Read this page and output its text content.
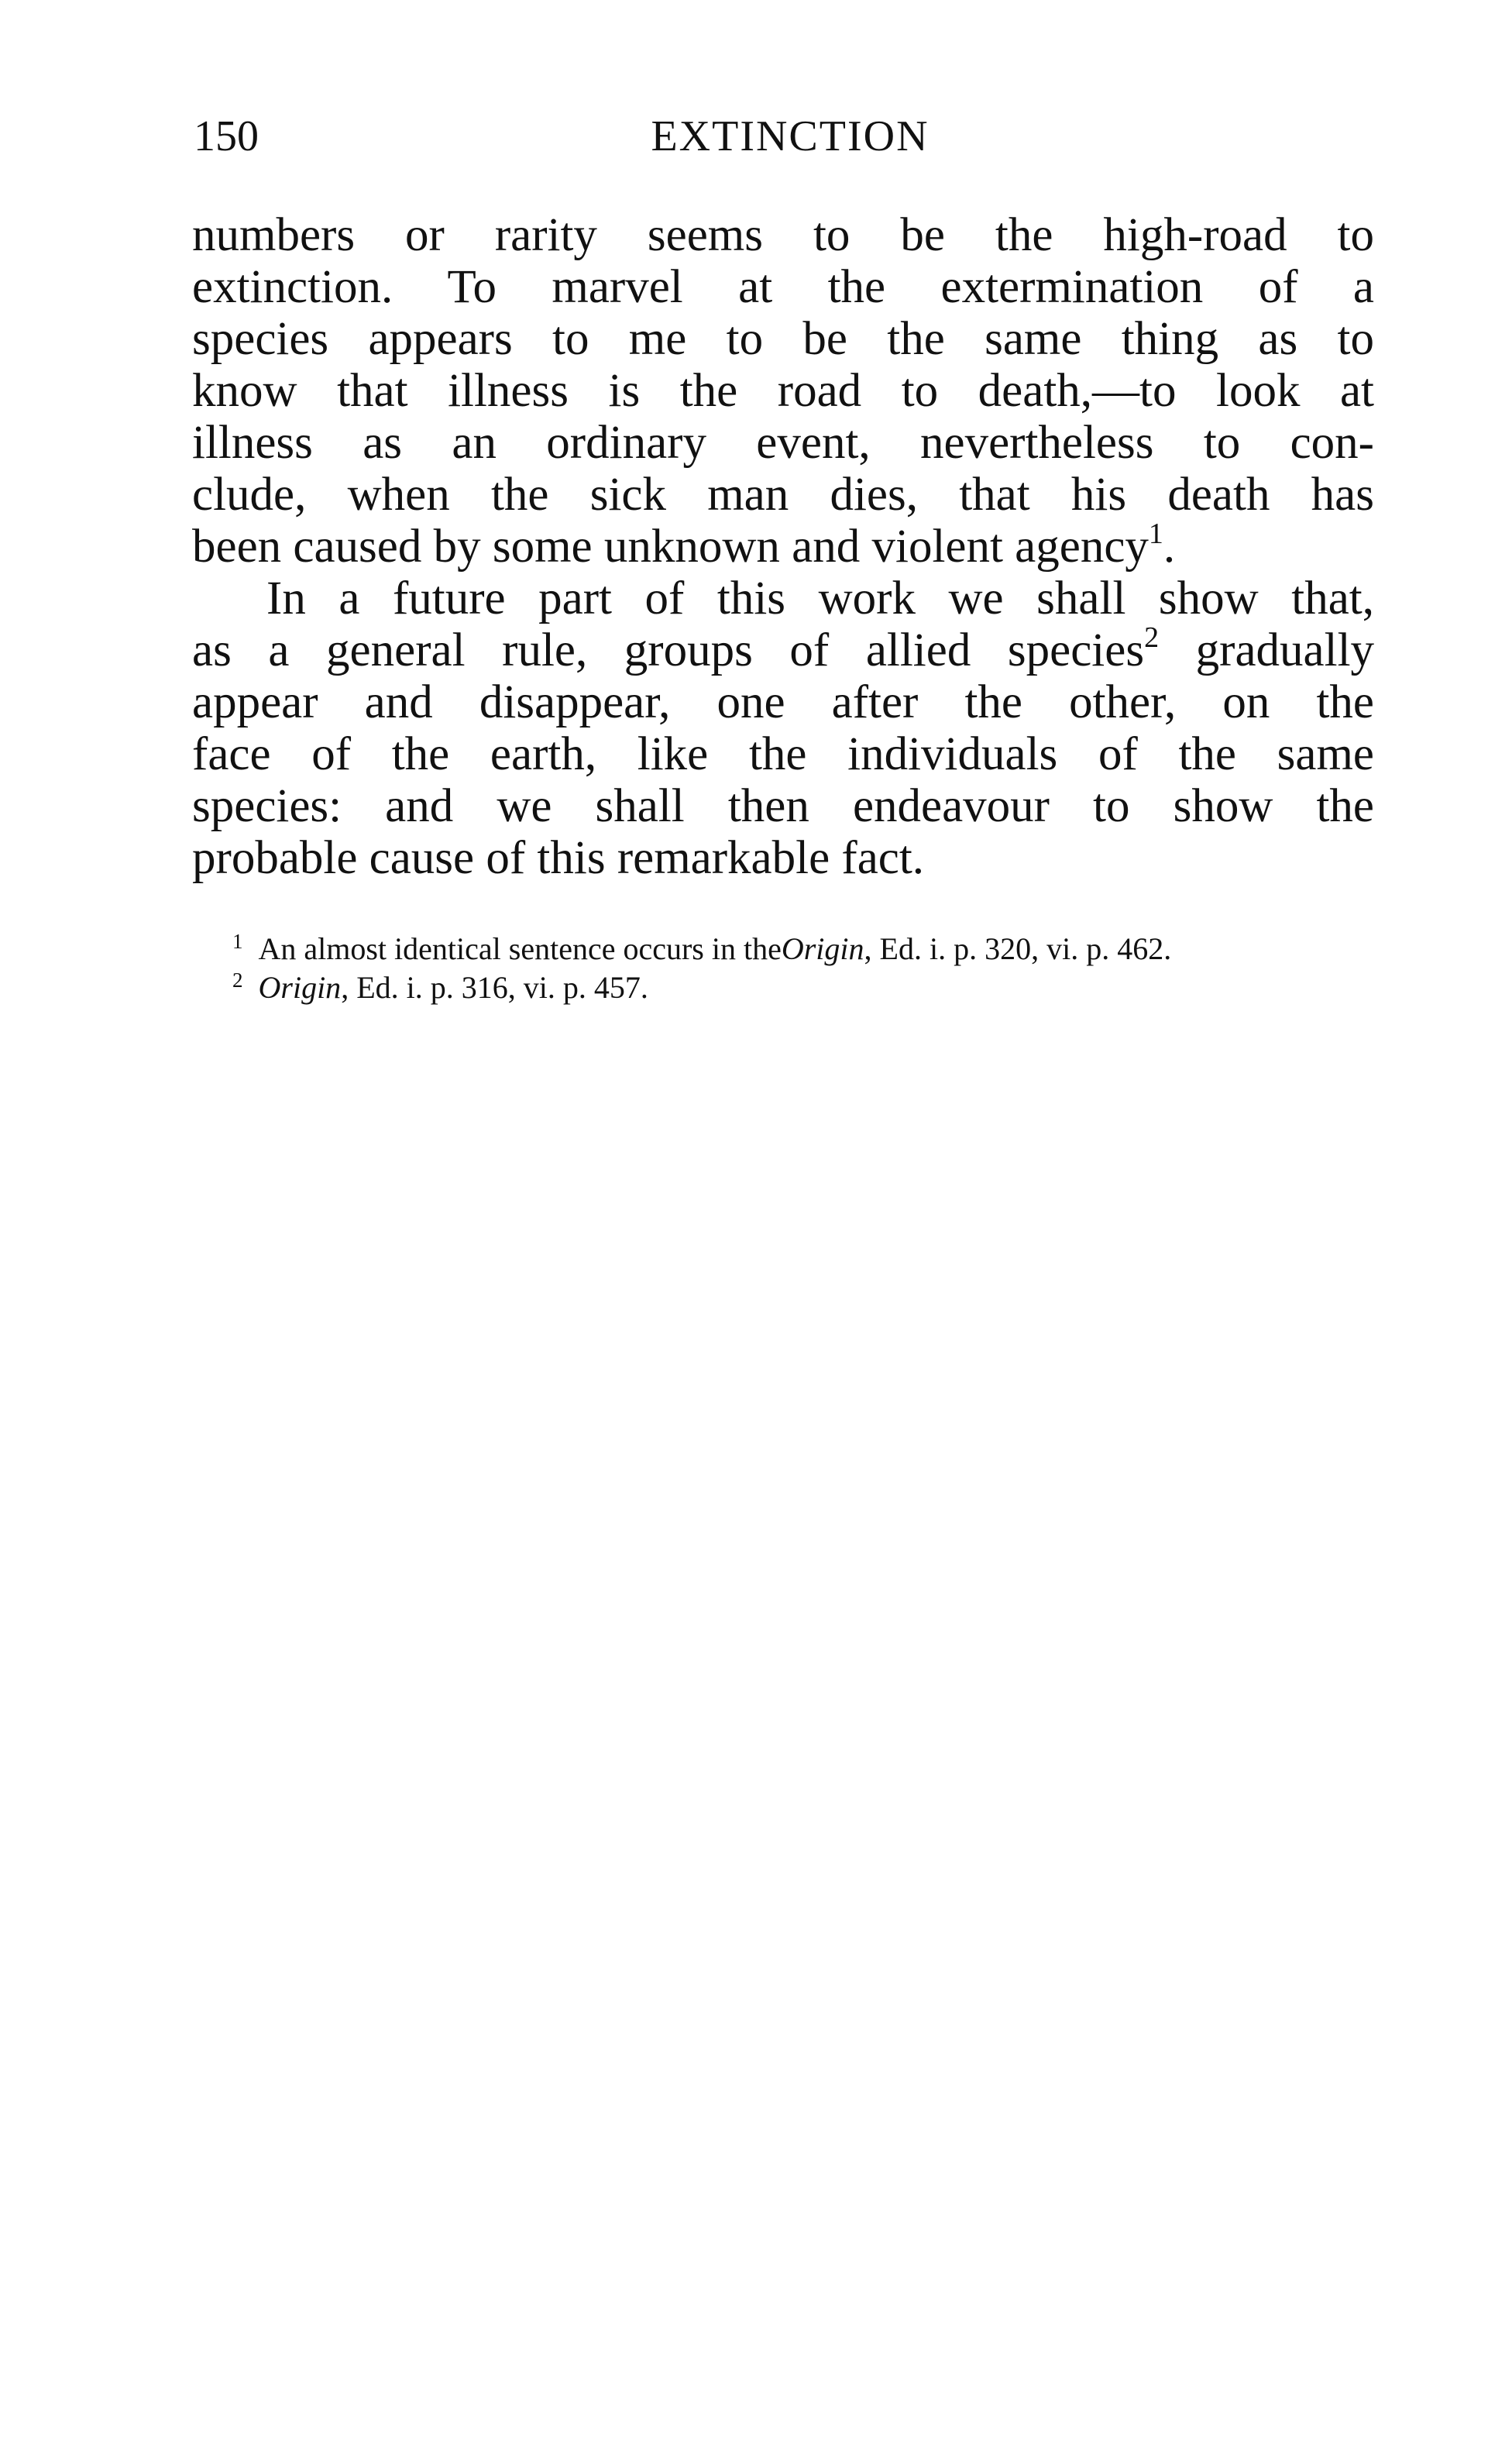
150	EXTINCTION
numbers or rarity seems to be the high-road to
extinction. To marvel at the extermination of a
species appears to me to be the same thing as to
know that illness is the road to death,—to look at
illness as an ordinary event, nevertheless to con-
clude, when the sick man dies, that his death has
been caused by some unknown and violent agency$^1$.
In a future part of this work we shall show that,
as a general rule, groups of allied species$^2$ gradually
appear and disappear, one after the other, on the
face of the earth, like the individuals of the same
species: and we shall then endeavour to show the
probable cause of this remarkable fact.
1 An almost identical sentence occurs in theOrigin, Ed. i. p. 320, vi. p. 462.
2 Origin, Ed. i. p. 316, vi. p. 457.
